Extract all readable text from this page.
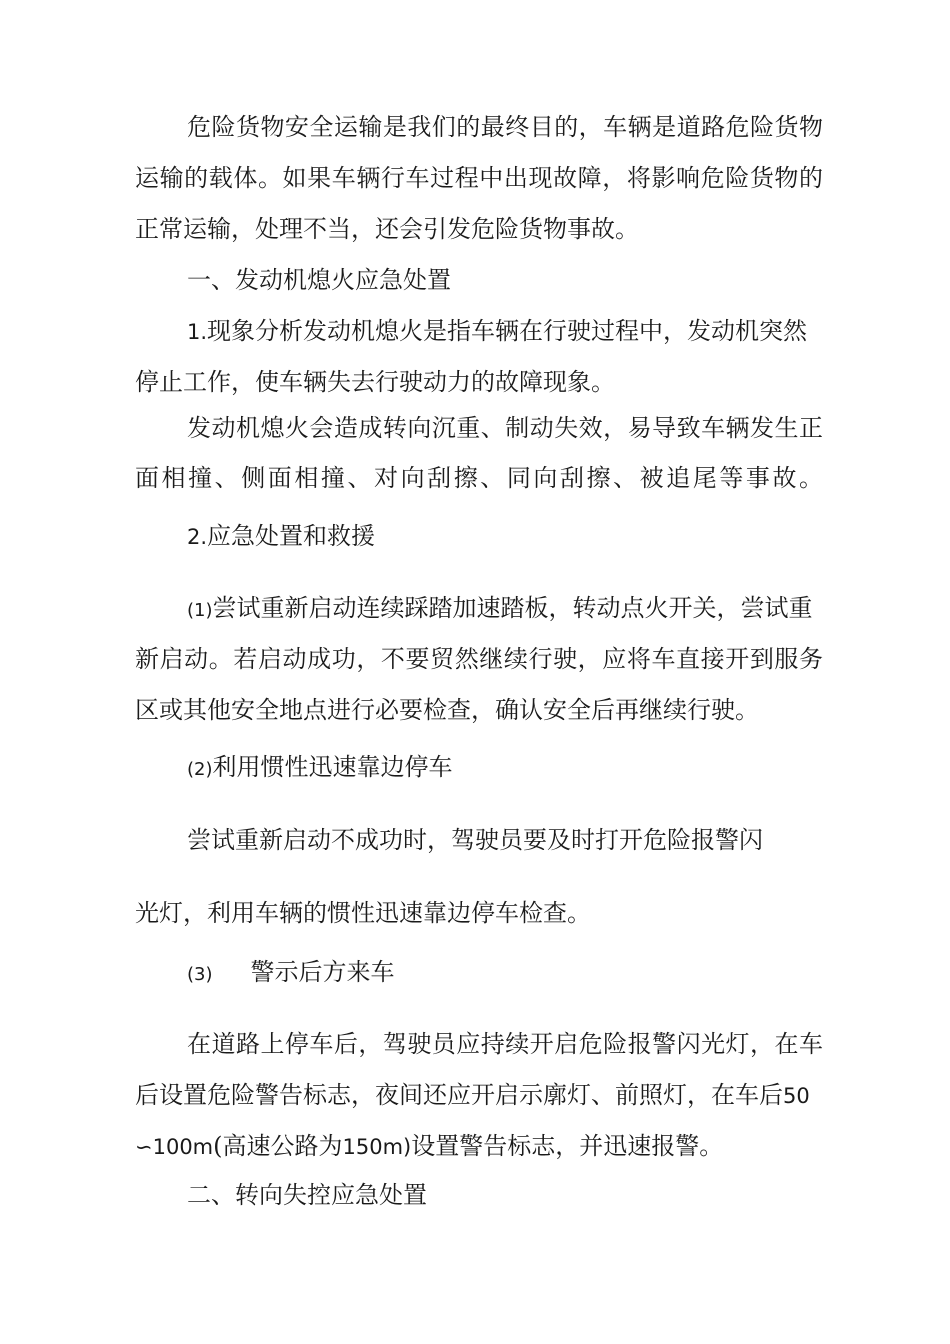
危险货物安全运输是我们的最终目的，车辆是道路危险货物
运输的载体。如果车辆行车过程中出现故障，将影响危险货物的
正常运输，处理不当，还会引发危险货物事故。
一、发动机熄火应急处置
1.现象分析发动机熄火是指车辆在行驶过程中，发动机突然
停止工作，使车辆失去行驶动力的故障现象。
发动机熄火会造成转向沉重、制动失效，易导致车辆发生正
面相撞、侧面相撞、对向刮擦、同向刮擦、被追尾等事故。
2.应急处置和救援
(1)尝试重新启动连续踩踏加速踏板，转动点火开关，尝试重
新启动。若启动成功，不要贸然继续行驶，应将车直接开到服务
区或其他安全地点进行必要检查，确认安全后再继续行驶。
(2)利用惯性迅速靠边停车
尝试重新启动不成功时，驾驶员要及时打开危险报警闪
光灯，利用车辆的惯性迅速靠边停车检查。
(3) 警示后方来车
在道路上停车后，驾驶员应持续开启危险报警闪光灯，在车
后设置危险警告标志，夜间还应开启示廓灯、前照灯，在车后50
∽100m(高速公路为150m)设置警告标志，并迅速报警。
二、转向失控应急处置
